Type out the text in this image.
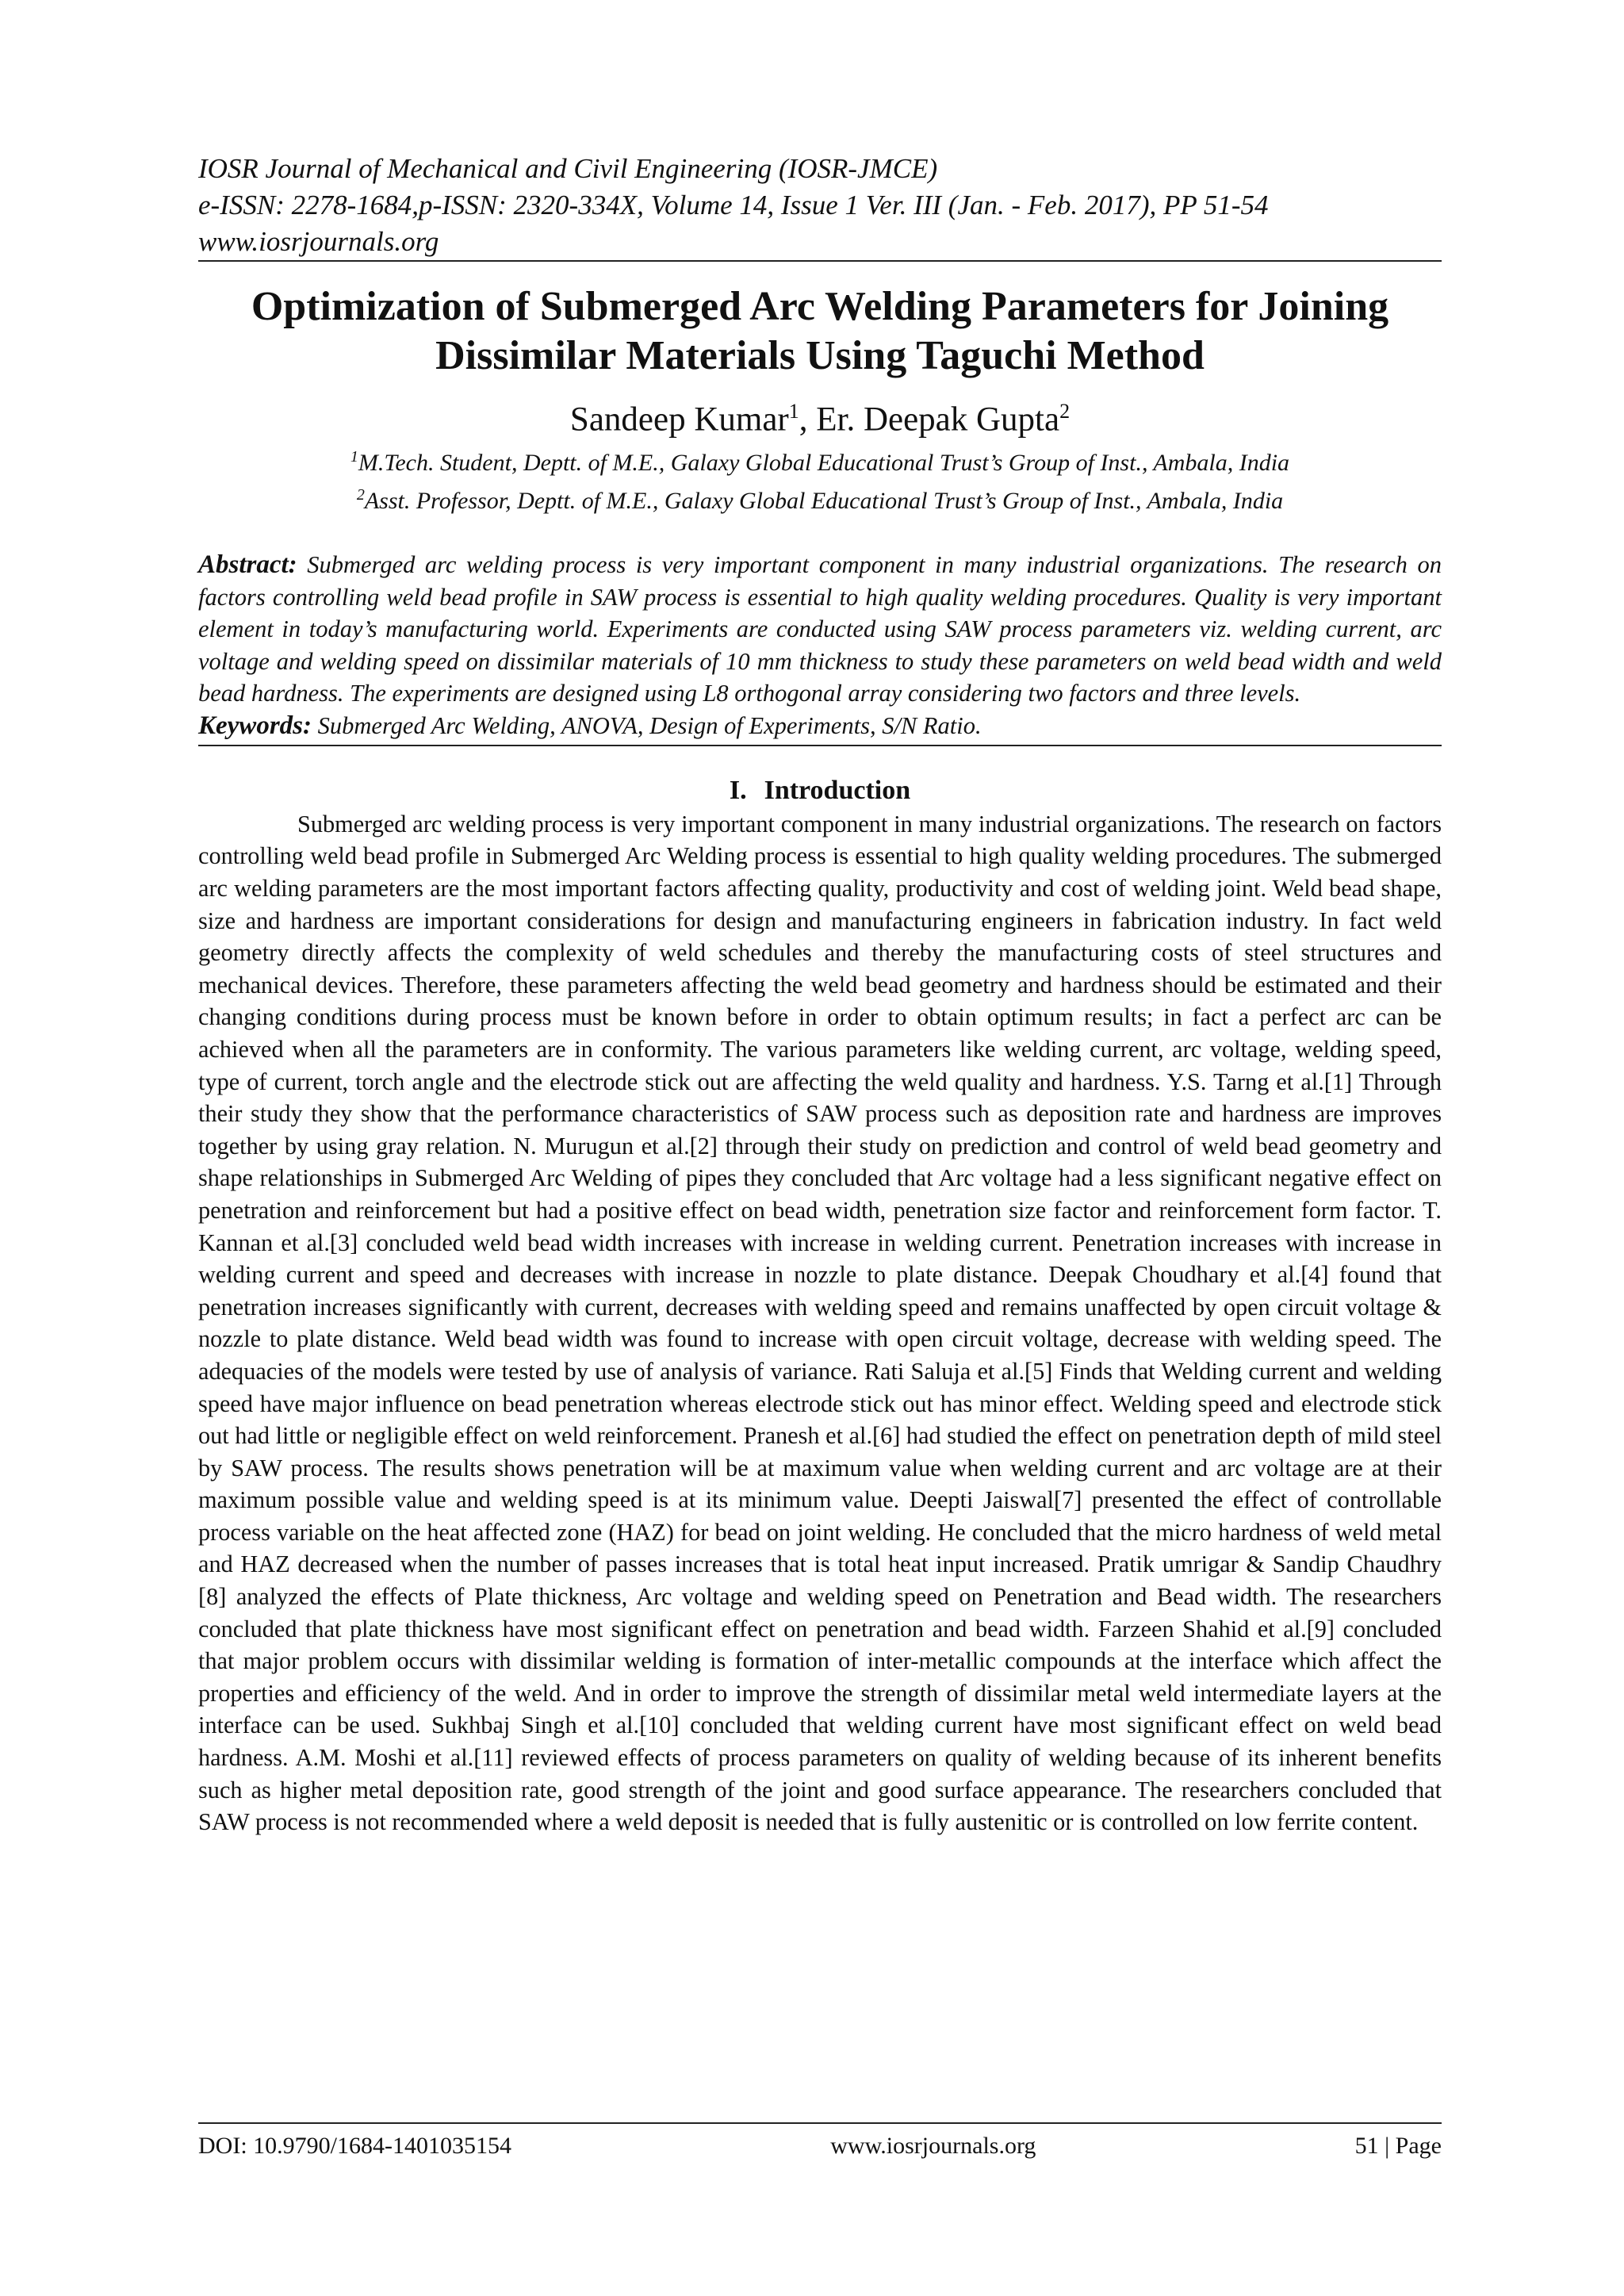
IOSR Journal of Mechanical and Civil Engineering (IOSR-JMCE)
e-ISSN: 2278-1684,p-ISSN: 2320-334X, Volume 14, Issue 1 Ver. III (Jan. - Feb. 2017), PP 51-54
www.iosrjournals.org
Optimization of Submerged Arc Welding Parameters for Joining
Dissimilar Materials Using Taguchi Method
Sandeep Kumar$^1$, Er. Deepak Gupta$^2$
$^1$M.Tech. Student, Deptt. of M.E., Galaxy Global Educational Trust’s Group of Inst., Ambala, India
$^2$Asst. Professor, Deptt. of M.E., Galaxy Global Educational Trust’s Group of Inst., Ambala, India
Abstract: Submerged arc welding process is very important component in many industrial organizations. The research on factors controlling weld bead profile in SAW process is essential to high quality welding procedures. Quality is very important element in today’s manufacturing world. Experiments are conducted using SAW process parameters viz. welding current, arc voltage and welding speed on dissimilar materials of 10 mm thickness to study these parameters on weld bead width and weld bead hardness. The experiments are designed using L8 orthogonal array considering two factors and three levels.
Keywords: Submerged Arc Welding, ANOVA, Design of Experiments, S/N Ratio.
I. Introduction

Submerged arc welding process is very important component in many industrial organizations. The research on factors controlling weld bead profile in Submerged Arc Welding process is essential to high quality welding procedures. The submerged arc welding parameters are the most important factors affecting quality, productivity and cost of welding joint. Weld bead shape, size and hardness are important considerations for design and manufacturing engineers in fabrication industry. In fact weld geometry directly affects the complexity of weld schedules and thereby the manufacturing costs of steel structures and mechanical devices. Therefore, these parameters affecting the weld bead geometry and hardness should be estimated and their changing conditions during process must be known before in order to obtain optimum results; in fact a perfect arc can be achieved when all the parameters are in conformity. The various parameters like welding current, arc voltage, welding speed, type of current, torch angle and the electrode stick out are affecting the weld quality and hardness. Y.S. Tarng et al.[1] Through their study they show that the performance characteristics of SAW process such as deposition rate and hardness are improves together by using gray relation. N. Murugun et al.[2] through their study on prediction and control of weld bead geometry and shape relationships in Submerged Arc Welding of pipes they concluded that Arc voltage had a less significant negative effect on penetration and reinforcement but had a positive effect on bead width, penetration size factor and reinforcement form factor. T. Kannan et al.[3] concluded weld bead width increases with increase in welding current. Penetration increases with increase in welding current and speed and decreases with increase in nozzle to plate distance. Deepak Choudhary et al.[4] found that penetration increases significantly with current, decreases with welding speed and remains unaffected by open circuit voltage & nozzle to plate distance. Weld bead width was found to increase with open circuit voltage, decrease with welding speed. The adequacies of the models were tested by use of analysis of variance. Rati Saluja et al.[5] Finds that Welding current and welding speed have major influence on bead penetration whereas electrode stick out has minor effect. Welding speed and electrode stick out had little or negligible effect on weld reinforcement. Pranesh et al.[6] had studied the effect on penetration depth of mild steel by SAW process. The results shows penetration will be at maximum value when welding current and arc voltage are at their maximum possible value and welding speed is at its minimum value. Deepti Jaiswal[7] presented the effect of controllable process variable on the heat affected zone (HAZ) for bead on joint welding. He concluded that the micro hardness of weld metal and HAZ decreased when the number of passes increases that is total heat input increased. Pratik umrigar & Sandip Chaudhry [8] analyzed the effects of Plate thickness, Arc voltage and welding speed on Penetration and Bead width. The researchers concluded that plate thickness have most significant effect on penetration and bead width. Farzeen Shahid et al.[9] concluded that major problem occurs with dissimilar welding is formation of inter-metallic compounds at the interface which affect the properties and efficiency of the weld. And in order to improve the strength of dissimilar metal weld intermediate layers at the interface can be used. Sukhbaj Singh et al.[10] concluded that welding current have most significant effect on weld bead hardness. A.M. Moshi et al.[11] reviewed effects of process parameters on quality of welding because of its inherent benefits such as higher metal deposition rate, good strength of the joint and good surface appearance. The researchers concluded that SAW process is not recommended where a weld deposit is needed that is fully austenitic or is controlled on low ferrite content.

DOI: 10.9790/1684-1401035154	www.iosrjournals.org	51 | Page
